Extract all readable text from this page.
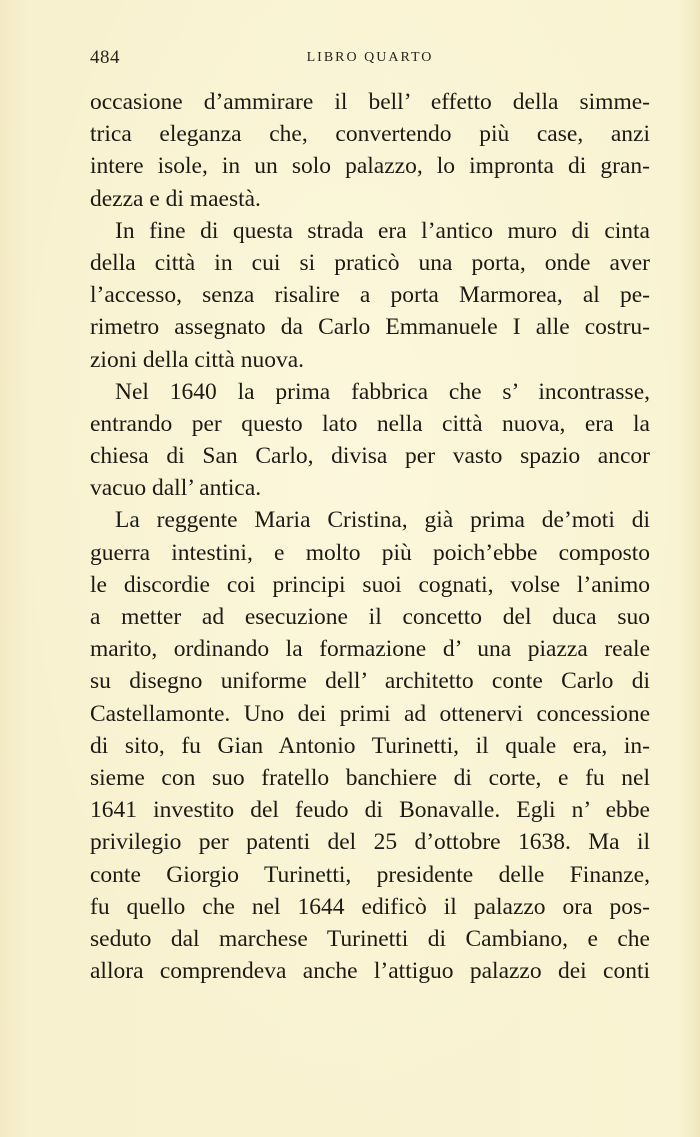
484	LIBRO QUARTO
occasione d’ammirare il bell’ effetto della simme-
trica eleganza che, convertendo più case, anzi
intere isole, in un solo palazzo, lo impronta di gran-
dezza e di maestà.
In fine di questa strada era l’antico muro di cinta
della città in cui si praticò una porta, onde aver
l’accesso, senza risalire a porta Marmorea, al pe-
rimetro assegnato da Carlo Emmanuele I alle costru-
zioni della città nuova.
Nel 1640 la prima fabbrica che s’ incontrasse,
entrando per questo lato nella città nuova, era la
chiesa di San Carlo, divisa per vasto spazio ancor
vacuo dall’ antica.
La reggente Maria Cristina, già prima de’moti di
guerra intestini, e molto più poich’ebbe composto
le discordie coi principi suoi cognati, volse l’animo
a metter ad esecuzione il concetto del duca suo
marito, ordinando la formazione d’ una piazza reale
su disegno uniforme dell’ architetto conte Carlo di
Castellamonte. Uno dei primi ad ottenervi concessione
di sito, fu Gian Antonio Turinetti, il quale era, in-
sieme con suo fratello banchiere di corte, e fu nel
1641 investito del feudo di Bonavalle. Egli n’ ebbe
privilegio per patenti del 25 d’ottobre 1638. Ma il
conte Giorgio Turinetti, presidente delle Finanze,
fu quello che nel 1644 edificò il palazzo ora pos-
seduto dal marchese Turinetti di Cambiano, e che
allora comprendeva anche l’attiguo palazzo dei conti
